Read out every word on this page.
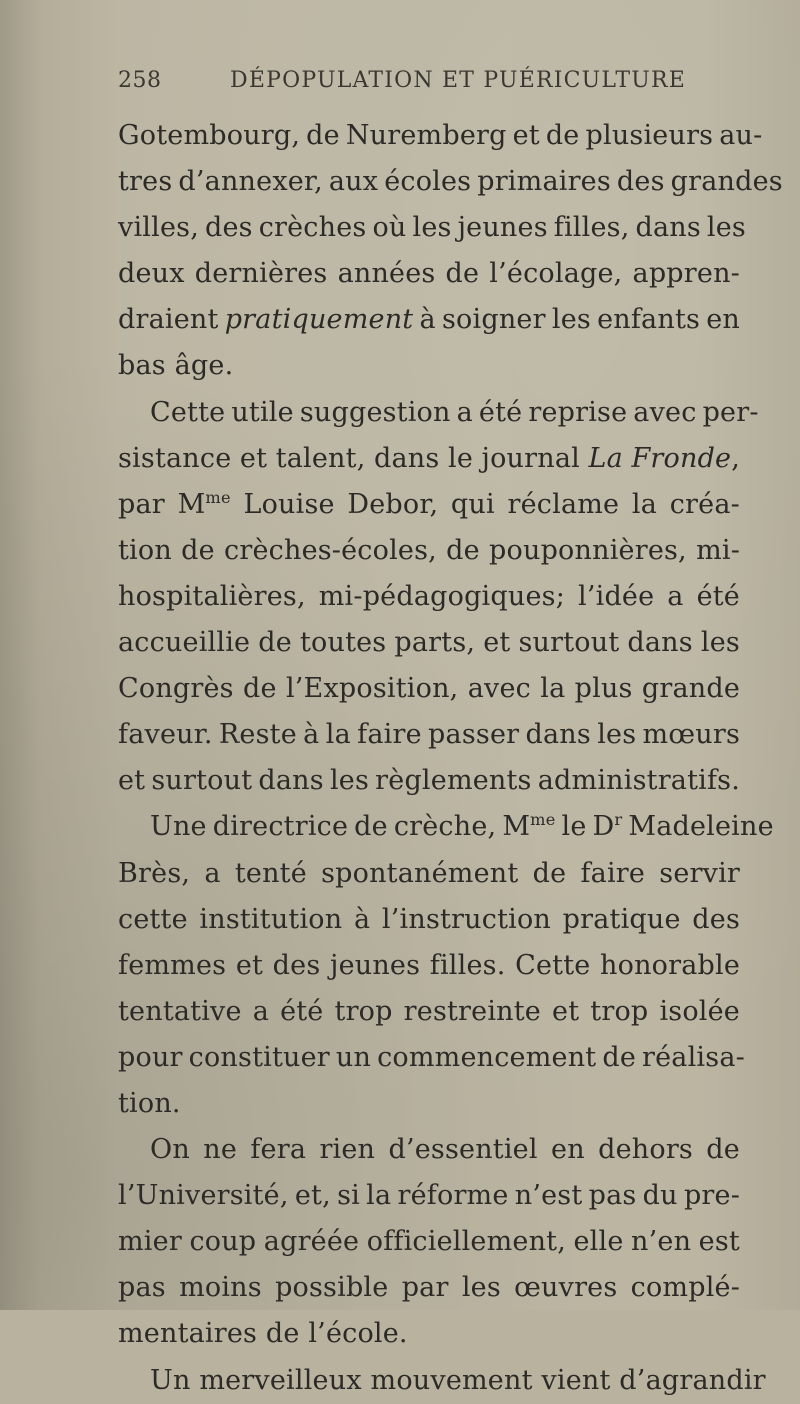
258	DÉPOPULATION ET PUÉRICULTURE
Gotembourg, de Nuremberg et de plusieurs au-
tres d’annexer, aux écoles primaires des grandes
villes, des crèches où les jeunes filles, dans les
deux dernières années de l’écolage, appren-
draient pratiquement à soigner les enfants en
bas âge.
Cette utile suggestion a été reprise avec per-
sistance et talent, dans le journal La Fronde,
par $M^{me}$ Louise Debor, qui réclame la créa-
tion de crèches-écoles, de pouponnières, mi-
hospitalières, mi-pédagogiques; l’idée a été
accueillie de toutes parts, et surtout dans les
Congrès de l’Exposition, avec la plus grande
faveur. Reste à la faire passer dans les mœurs
et surtout dans les règlements administratifs.
Une directrice de crèche, $M^{me}$ le $D^r$ Madeleine
Brès, a tenté spontanément de faire servir
cette institution à l’instruction pratique des
femmes et des jeunes filles. Cette honorable
tentative a été trop restreinte et trop isolée
pour constituer un commencement de réalisa-
tion.
On ne fera rien d’essentiel en dehors de
l’Université, et, si la réforme n’est pas du pre-
mier coup agréée officiellement, elle n’en est
pas moins possible par les œuvres complé-
mentaires de l’école.
Un merveilleux mouvement vient d’agrandir
